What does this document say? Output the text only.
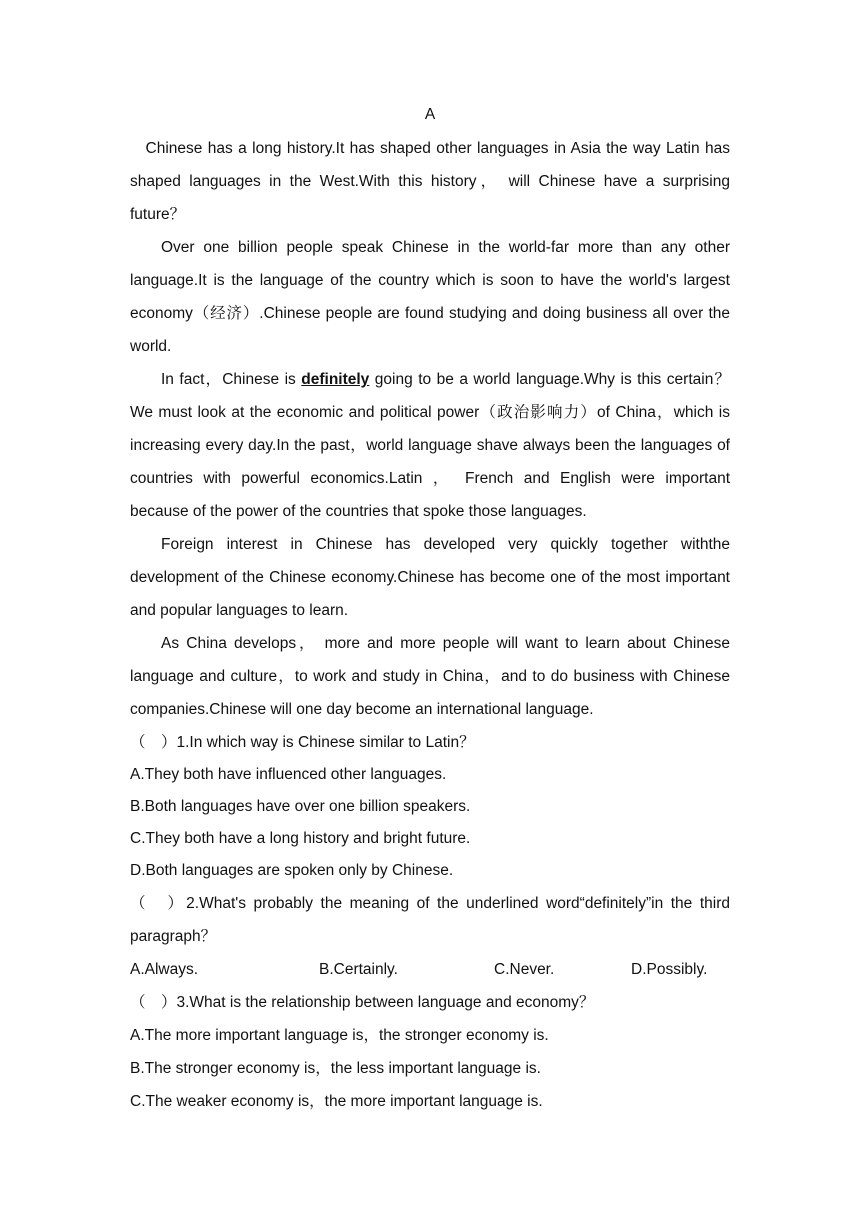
A

Chinese has a long history.It has shaped other languages in Asia the way Latin has shaped languages in the West.With this history， will Chinese have a surprising future？

Over one billion people speak Chinese in the world-far more than any other language.It is the language of the country which is soon to have the world's largest economy（经济）.Chinese people are found studying and doing business all over the world.

In fact，Chinese is definitely going to be a world language.Why is this certain？We must look at the economic and political power（政治影响力）of China，which is increasing every day.In the past，world language shave always been the languages of countries with powerful economics.Latin ， French and English were important because of the power of the countries that spoke those languages.

Foreign interest in Chinese has developed very quickly together withthe development of the Chinese economy.Chinese has become one of the most important and popular languages to learn.

As China develops， more and more people will want to learn about Chinese language and culture，to work and study in China，and to do business with Chinese companies.Chinese will one day become an international language.

（　）1.In which way is Chinese similar to Latin？

A.They both have influenced other languages.

B.Both languages have over one billion speakers.

C.They both have a long history and bright future.

D.Both languages are spoken only by Chinese.

（　）2.What's probably the meaning of the underlined word“definitely”in the third paragraph？

A.Always.	B.Certainly.	C.Never.	D.Possibly.

（　）3.What is the relationship between language and economy？

A.The more important language is，the stronger economy is.

B.The stronger economy is，the less important language is.

C.The weaker economy is，the more important language is.
